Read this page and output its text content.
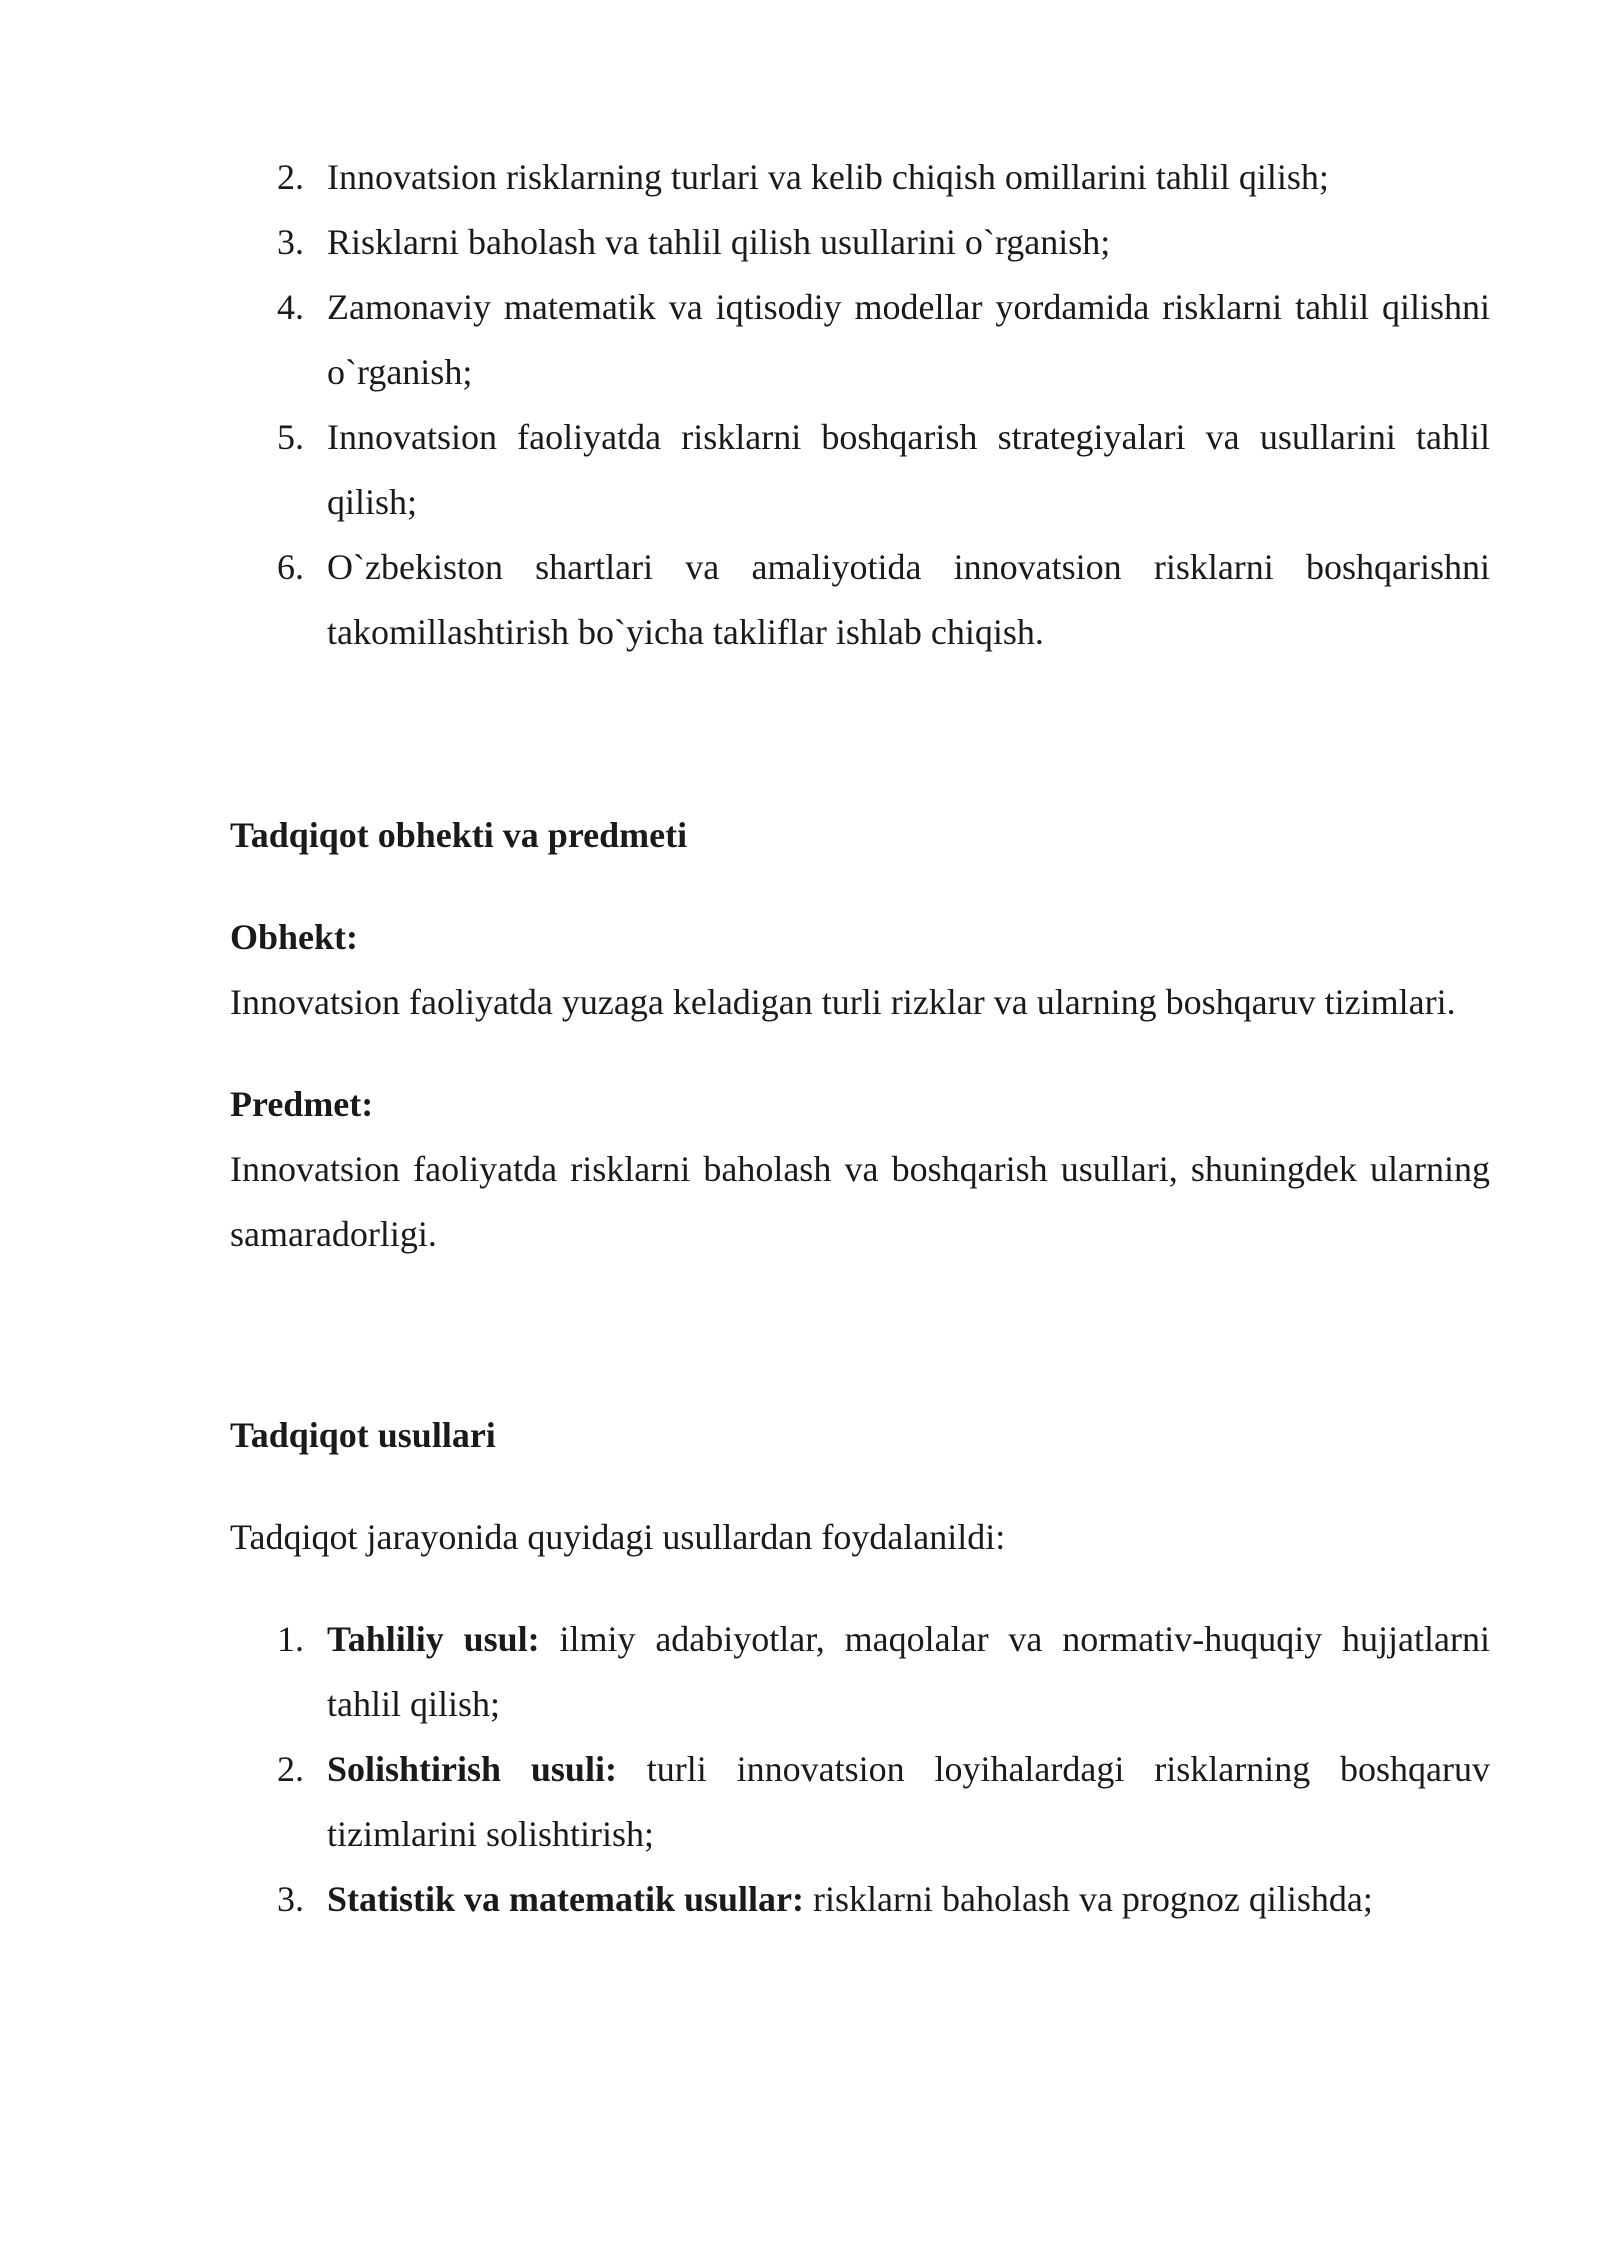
2. Innovatsion risklarning turlari va kelib chiqish omillarini tahlil qilish;
3. Risklarni baholash va tahlil qilish usullarini o`rganish;
4. Zamonaviy matematik va iqtisodiy modellar yordamida risklarni tahlil qilishni o`rganish;
5. Innovatsion faoliyatda risklarni boshqarish strategiyalari va usullarini tahlil qilish;
6. O`zbekiston shartlari va amaliyotida innovatsion risklarni boshqarishni takomillashtirish bo`yicha takliflar ishlab chiqish.
Tadqiqot obhekti va predmeti

Obhekt:

Innovatsion faoliyatda yuzaga keladigan turli rizklar va ularning boshqaruv tizimlari.

Predmet:

Innovatsion faoliyatda risklarni baholash va boshqarish usullari, shuningdek ularning samaradorligi.

Tadqiqot usullari

Tadqiqot jarayonida quyidagi usullardan foydalanildi:

1. Tahliliy usul: ilmiy adabiyotlar, maqolalar va normativ-huquqiy hujjatlarni tahlil qilish;
2. Solishtirish usuli: turli innovatsion loyihalardagi risklarning boshqaruv tizimlarini solishtirish;
3. Statistik va matematik usullar: risklarni baholash va prognoz qilishda;
